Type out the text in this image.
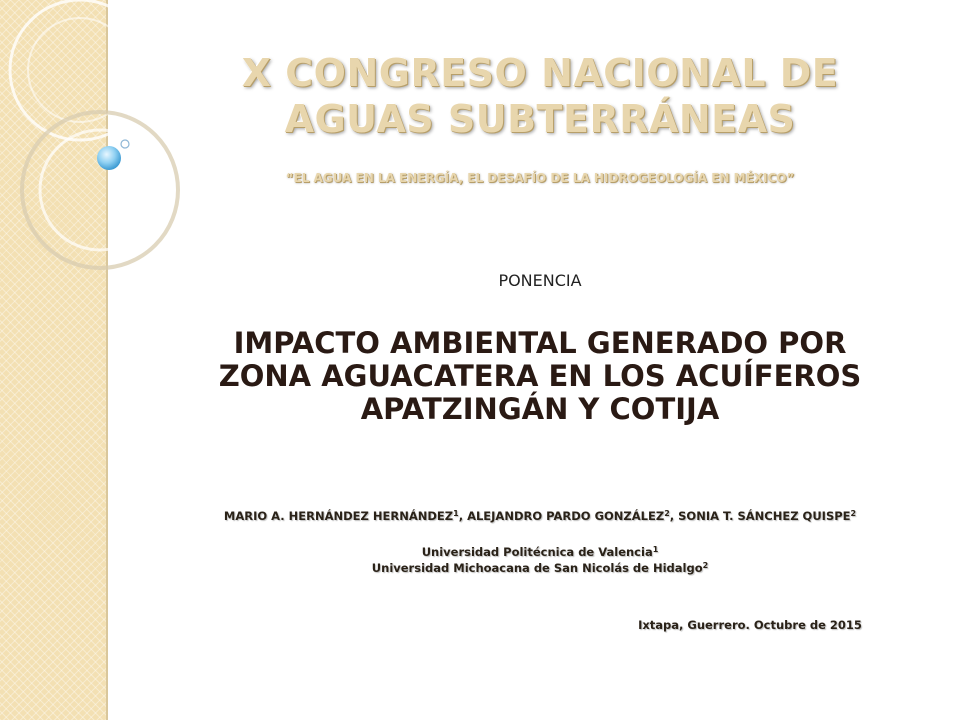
X CONGRESO NACIONAL DE
AGUAS SUBTERRÁNEAS
“EL AGUA EN LA ENERGÍA, EL DESAFÍO DE LA HIDROGEOLOGÍA EN MÉXICO”
PONENCIA
IMPACTO AMBIENTAL GENERADO POR
ZONA AGUACATERA EN LOS ACUÍFEROS
APATZINGÁN Y COTIJA
MARIO A. HERNÁNDEZ HERNÁNDEZ$^1$, ALEJANDRO PARDO GONZÁLEZ$^2$, SONIA T. SÁNCHEZ QUISPE$^2$
Universidad Politécnica de Valencia$^1$
Universidad Michoacana de San Nicolás de Hidalgo$^2$
Ixtapa, Guerrero. Octubre de 2015
